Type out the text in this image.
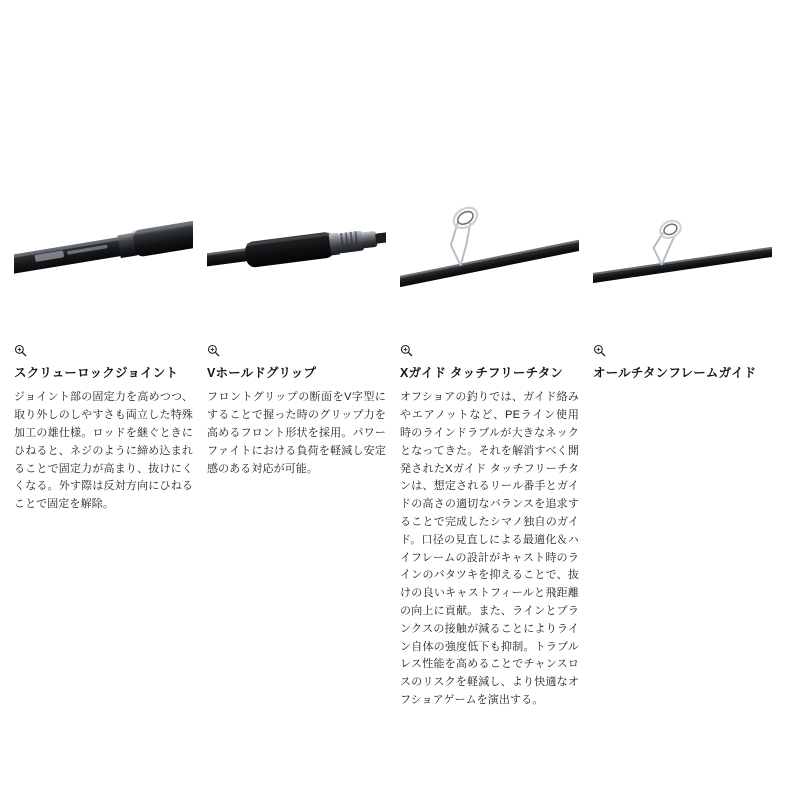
スクリューロックジョイント
ジョイント部の固定力を高めつつ、取り外しのしやすさも両立した特殊加工の雄仕様。ロッドを継ぐときにひねると、ネジのように締め込まれることで固定力が高まり、抜けにくくなる。外す際は反対方向にひねることで固定を解除。
Vホールドグリップ
フロントグリップの断面をV字型にすることで握った時のグリップ力を高めるフロント形状を採用。パワーファイトにおける負荷を軽減し安定感のある対応が可能。
Xガイド タッチフリーチタン
オフショアの釣りでは、ガイド絡みやエアノットなど、PEライン使用時のラインドラブルが大きなネックとなってきた。それを解消すべく開発されたXガイド タッチフリーチタンは、想定されるリール番手とガイドの高さの適切なバランスを追求することで完成したシマノ独自のガイド。口径の見直しによる最適化＆ハイフレームの設計がキャスト時のラインのバタツキを抑えることで、抜けの良いキャストフィールと飛距離の向上に貢献。また、ラインとブランクスの接触が減ることによりライン自体の強度低下も抑制。トラブルレス性能を高めることでチャンスロスのリスクを軽減し、より快適なオフショアゲームを演出する。
オールチタンフレームガイド
